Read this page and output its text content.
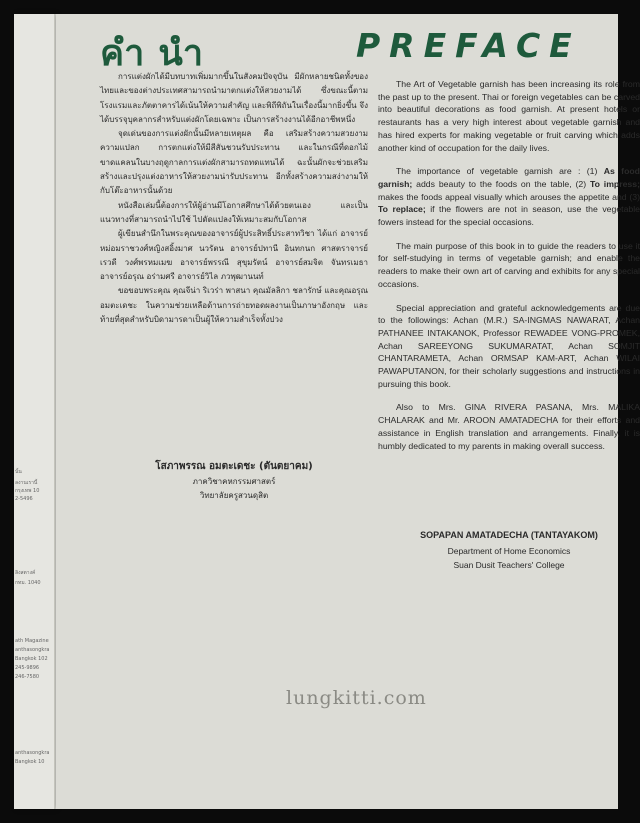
นั้น
ลงานเรานี้
กรุงเทพ 10
2-5496
ลิงสตางค์
กทม. 1040
ath Magazine
anthasongkra
Bangkok 102
245-9896
246-7580
anthasongkra
Bangkok 10
คำนำ	PREFACE

การแต่งผักได้มีบทบาทเพิ่มมากขึ้นในสังคมปัจจุบัน มีผักหลายชนิดทั้งของไทยและของต่างประเทศสามารถนำมาตกแต่งให้สวยงามได้ ซึ่งขณะนี้ตามโรงแรมและภัตตาคารได้เน้นให้ความสำคัญ และพิถีพิถันในเรื่องนี้มากยิ่งขึ้น จึงได้บรรจุบุคลากรสำหรับแต่งผักโดยเฉพาะ เป็นการสร้างงานได้อีกอาชีพหนึ่ง

จุดเด่นของการแต่งผักนั้นมีหลายเหตุผล คือ เสริมสร้างความสวยงาม ความแปลก การตกแต่งให้มีสีสันชวนรับประทาน และในกรณีที่ดอกไม้ขาดแคลนในบางฤดูกาลการแต่งผักสามารถทดแทนได้ ฉะนั้นผักจะช่วยเสริมสร้างและปรุงแต่งอาหารให้สวยงามน่ารับประทาน อีกทั้งสร้างความสง่างามให้กับโต๊ะอาหารนั้นด้วย

หนังสือเล่มนี้ต้องการให้ผู้อ่านมีโอกาสศึกษาได้ด้วยตนเอง และเป็นแนวทางที่สามารถนำไปใช้ ไปดัดแปลงให้เหมาะสมกับโอกาส

ผู้เขียนสำนึกในพระคุณของอาจารย์ผู้ประสิทธิ์ประสาทวิชา ได้แก่ อาจารย์หม่อมราชวงศ์หญิงสอิ้งมาศ นวรัตน อาจารย์ปทานี อินทกนก ศาสตราจารย์เรวดี วงศ์พรหมเมฆ อาจารย์พรรณี สุขุมรัตน์ อาจารย์สมจิต จันทรเมธา อาจารย์อรุณ อร่ามศรี อาจารย์วิไล ภวพุฒานนท์

ขอขอบพระคุณ คุณจีน่า ริเวร่า พาสนา คุณมัลลิกา ชลารักษ์ และคุณอรุณ อมตะเดชะ ในความช่วยเหลือด้านการถ่ายทอดผลงานเป็นภาษาอังกฤษ และท้ายที่สุดสำหรับบิดามารดาเป็นผู้ให้ความสำเร็จทั้งปวง

โสภาพรรณ อมตะเดชะ (ตันตยาคม)
ภาควิชาคหกรรมศาสตร์
วิทยาลัยครูสวนดุสิต

The Art of Vegetable garnish has been increasing its role from the past up to the present. Thai or foreign vegetables can be carved into beautiful decorations as food garnish. At present hotels or restaurants has a very high interest about vegetable garnish and has hired experts for making vegetable or fruit carving which adds another kind of occupation for the daily lives.

The importance of vegetable garnish are : (1) As food garnish; adds beauty to the foods on the table, (2) To impress; makes the foods appeal visually which arouses the appetite and (3) To replace; if the flowers are not in season, use the vegetable fowers instead for the special occasions.

The main purpose of this book in to guide the readers to use it for self-studying in terms of vegetable garnish; and enable the readers to make their own art of carving and exhibits for any special occasions.

Special appreciation and grateful acknowledgements are due to the followings: Achan (M.R.) SA-INGMAS NAWARAT, Achan PATHANEE INTAKANOK, Professor REWADEE VONG-PROMEK, Achan SAREEYONG SUKUMARATAT, Achan SOMJIT CHANTARAMETA, Achan ORMSAP KAM-ART, Achan WILAI PAWAPUTANON, for their scholarly suggestions and instructions in pursuing this book.

Also to Mrs. GINA RIVERA PASANA, Mrs. MALIKA CHALARAK and Mr. AROON AMATADECHA for their efforts and assistance in English translation and arrangements. Finally, it is humbly dedicated to my parents in making overall success.

SOPAPAN AMATADECHA (TANTAYAKOM)
Department of Home Economics
Suan Dusit Teachers' College
lungkitti.com
